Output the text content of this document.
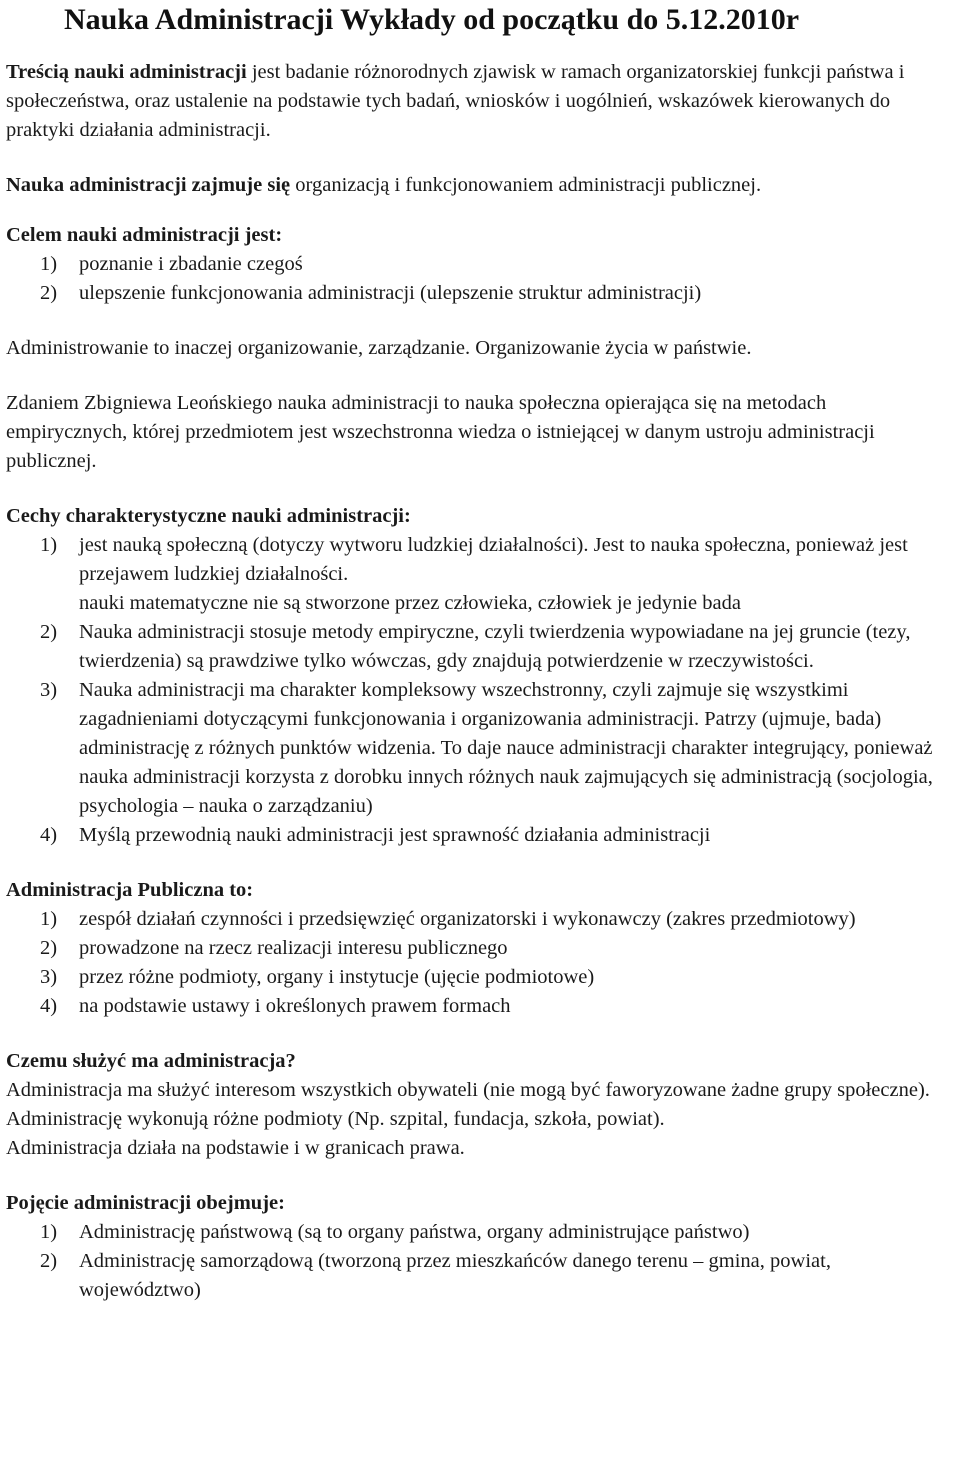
Nauka Administracji Wykłady od początku do 5.12.2010r

Treścią nauki administracji jest badanie różnorodnych zjawisk w ramach organizatorskiej funkcji państwa i społeczeństwa, oraz ustalenie na podstawie tych badań, wniosków i uogólnień, wskazówek kierowanych do praktyki działania administracji.

Nauka administracji zajmuje się organizacją i funkcjonowaniem administracji publicznej.

Celem nauki administracji jest:

1) poznanie i zbadanie czegoś
2) ulepszenie funkcjonowania administracji (ulepszenie struktur administracji)

Administrowanie to inaczej organizowanie, zarządzanie. Organizowanie życia w państwie.

Zdaniem Zbigniewa Leońskiego nauka administracji to nauka społeczna opierająca się na metodach empirycznych, której przedmiotem jest wszechstronna wiedza o istniejącej w danym ustroju administracji publicznej.

Cechy charakterystyczne nauki administracji:

1) jest nauką społeczną (dotyczy wytworu ludzkiej działalności). Jest to nauka społeczna, ponieważ jest przejawem ludzkiej działalności.
nauki matematyczne nie są stworzone przez człowieka, człowiek je jedynie bada
2) Nauka administracji stosuje metody empiryczne, czyli twierdzenia wypowiadane na jej gruncie (tezy, twierdzenia) są prawdziwe tylko wówczas, gdy znajdują potwierdzenie w rzeczywistości.
3) Nauka administracji ma charakter kompleksowy wszechstronny, czyli zajmuje się wszystkimi zagadnieniami dotyczącymi funkcjonowania i organizowania administracji. Patrzy (ujmuje, bada) administrację z różnych punktów widzenia. To daje nauce administracji charakter integrujący, ponieważ nauka administracji korzysta z dorobku innych różnych nauk zajmujących się administracją (socjologia, psychologia – nauka o zarządzaniu)
4) Myślą przewodnią nauki administracji jest sprawność działania administracji

Administracja Publiczna to:

1) zespół działań czynności i przedsięwzięć organizatorski i wykonawczy (zakres przedmiotowy)
2) prowadzone na rzecz realizacji interesu publicznego
3) przez różne podmioty, organy i instytucje (ujęcie podmiotowe)
4) na podstawie ustawy i określonych prawem formach

Czemu służyć ma administracja?

Administracja ma służyć interesom wszystkich obywateli (nie mogą być faworyzowane żadne grupy społeczne).

Administrację wykonują różne podmioty (Np. szpital, fundacja, szkoła, powiat).

Administracja działa na podstawie i w granicach prawa.

Pojęcie administracji obejmuje:

1) Administrację państwową (są to organy państwa, organy administrujące państwo)
2) Administrację samorządową (tworzoną przez mieszkańców danego terenu – gmina, powiat, województwo)
